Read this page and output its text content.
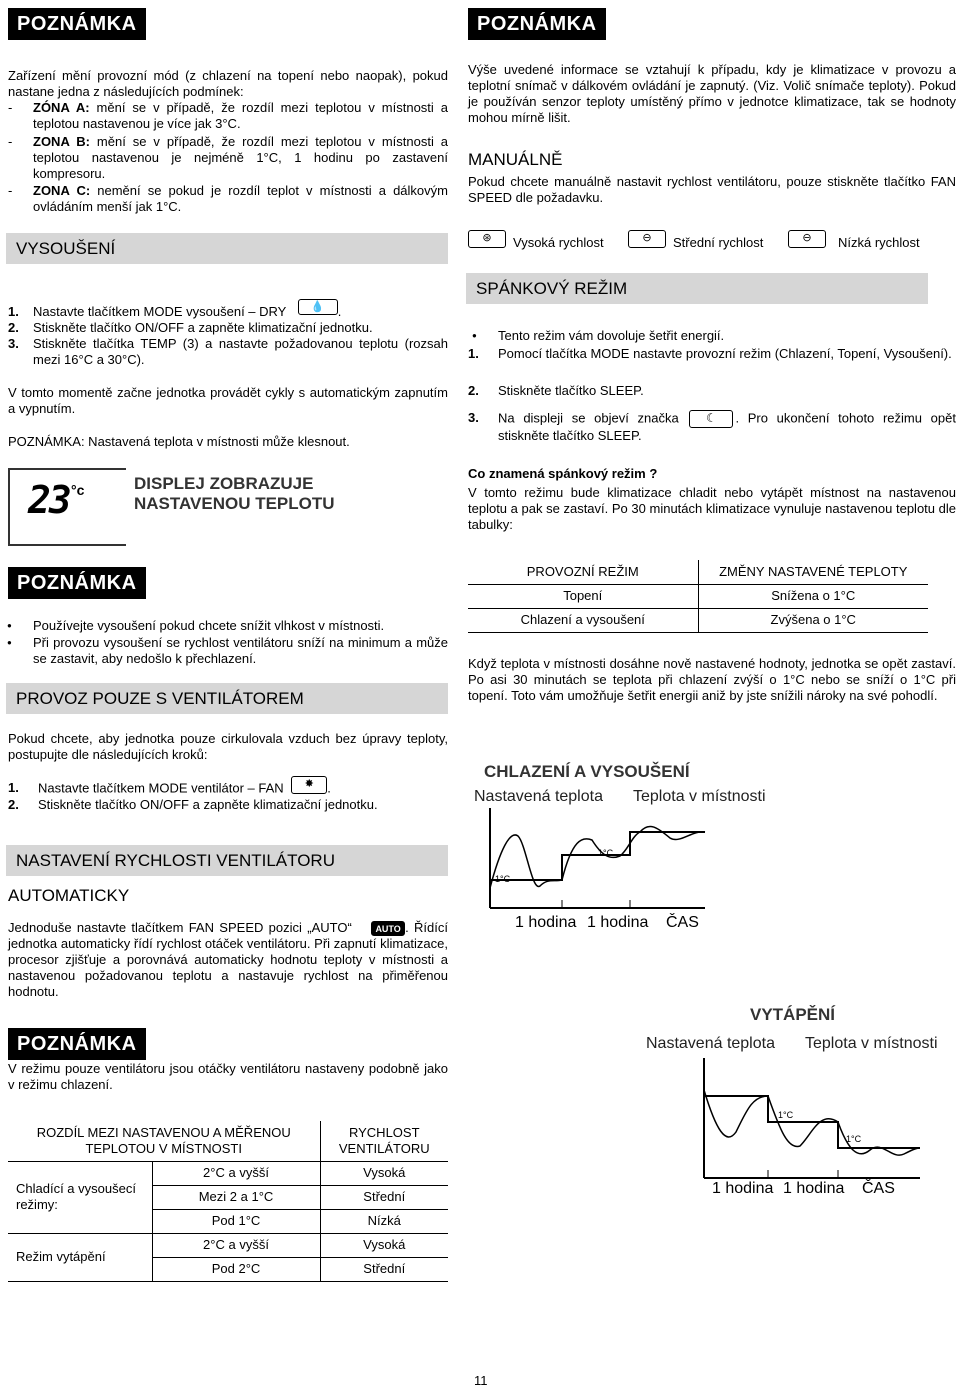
POZNÁMKA
Zařízení mění provozní mód (z chlazení na topení nebo naopak), pokud nastane jedna z následujících podmínek:
- ZÓNA A: mění se v případě, že rozdíl mezi teplotou v místnosti a teplotou nastavenou je více jak 3°C.
- ZONA B: mění se v případě, že rozdíl mezi teplotou v místnosti a teplotou nastavenou je nejméně 1°C, 1 hodinu po zastavení kompresoru.
- ZONA C: nemění se pokud je rozdíl teplot v místnosti a dálkovým ovládáním menší jak 1°C.
VYSOUŠENÍ
1. Nastavte tlačítkem MODE vysoušení – DRY 💧 .
2. Stiskněte tlačítko ON/OFF a zapněte klimatizační jednotku.
3.	Stiskněte tlačítka TEMP (3) a nastavte požadovanou teplotu (rozsah mezi 16°C a 30°C).
V tomto momentě začne jednotka provádět cykly s automatickým zapnutím a vypnutím.
POZNÁMKA: Nastavená teplota v místnosti může klesnout.
23 °c	DISPLEJ ZOBRAZUJE
NASTAVENOU TEPLOTU
POZNÁMKA
● Používejte vysoušení pokud chcete snížit vlhkost v místnosti.
● Při provozu vysoušení se rychlost ventilátoru sníží na minimum a může se zastavit, aby nedošlo k přechlazení.
PROVOZ POUZE S VENTILÁTOREM
Pokud chcete, aby jednotka pouze cirkulovala vzduch bez úpravy teploty, postupujte dle následujících kroků:
1. Nastavte tlačítkem MODE ventilátor – FAN ✸ .
2. Stiskněte tlačítko ON/OFF a zapněte klimatizační jednotku.
NASTAVENÍ RYCHLOSTI VENTILÁTORU
AUTOMATICKY
Jednoduše nastavte tlačítkem FAN SPEED pozici „AUTO“	AUTO . Řídící jednotka automaticky řídí rychlost otáček ventilátoru. Při zapnutí klimatizace, procesor zjišťuje a porovnává automaticky hodnotu teploty v místnosti a nastavenou požadovanou teplotu a nastavuje rychlost na přiměřenou hodnotu.
POZNÁMKA
V režimu pouze ventilátoru jsou otáčky ventilátoru nastaveny podobně jako v režimu chlazení.
ROZDÍL MEZI NASTAVENOU A MĚŘENOU TEPLOTOU V MÍSTNOSTI		RYCHLOST VENTILÁTORU
Chladící a vysoušecí režimy:	2°C a vyšší	Vysoká
	Mezi 2 a 1°C	Střední
	Pod 1°C	Nízká
Režim vytápění	2°C a vyšší	Vysoká
	Pod 2°C	Střední
POZNÁMKA
Výše uvedené informace se vztahují k případu, kdy je klimatizace v provozu a teplotní snímač v dálkovém ovládání je zapnutý. (Viz. Volič snímače teploty). Pokud je používán senzor teploty umístěný přímo v jednotce klimatizace, tak se hodnoty mohou mírně lišit.
MANUÁLNĚ
Pokud chcete manuálně nastavit rychlost ventilátoru, pouze stiskněte tlačítko FAN SPEED dle požadavku.
⊛	Vysoká rychlost	⊖	Střední rychlost	⊖	Nízká rychlost
SPÁNKOVÝ REŽIM
● Tento režim vám dovoluje šetřit energií.
1.	Pomocí tlačítka MODE nastavte provozní režim (Chlazení, Topení, Vysoušení).
2. Stiskněte tlačítko SLEEP.
3.	Na displeji se objeví značka ☾ . Pro ukončení tohoto režimu opět stiskněte tlačítko SLEEP.
Co znamená spánkový režim ?
V tomto režimu bude klimatizace chladit nebo vytápět místnost na nastavenou teplotu a pak se zastaví. Po 30 minutách klimatizace vynuluje nastavenou teplotu dle tabulky:
PROVOZNÍ REŽIM	ZMĚNY NASTAVENÉ TEPLOTY
Topení	Snížena o 1°C
Chlazení a vysoušení	Zvýšena o 1°C
Když teplota v místnosti dosáhne nově nastavené hodnoty, jednotka se opět zastaví. Po asi 30 minutách se teplota při chlazení zvýší o 1°C nebo se sníží o 1°C při topení. Toto vám umožňuje šetřit energii aniž by jste snížili nároky na své pohodlí.
CHLAZENÍ A VYSOUŠENÍ
Nastavená teplota Teplota v místnosti
1°C
1°C
1 hodina 1 hodina ČAS
VYTÁPĚNÍ
Nastavená teplota Teplota v místnosti
1°C
1°C
1 hodina 1 hodina ČAS
11
